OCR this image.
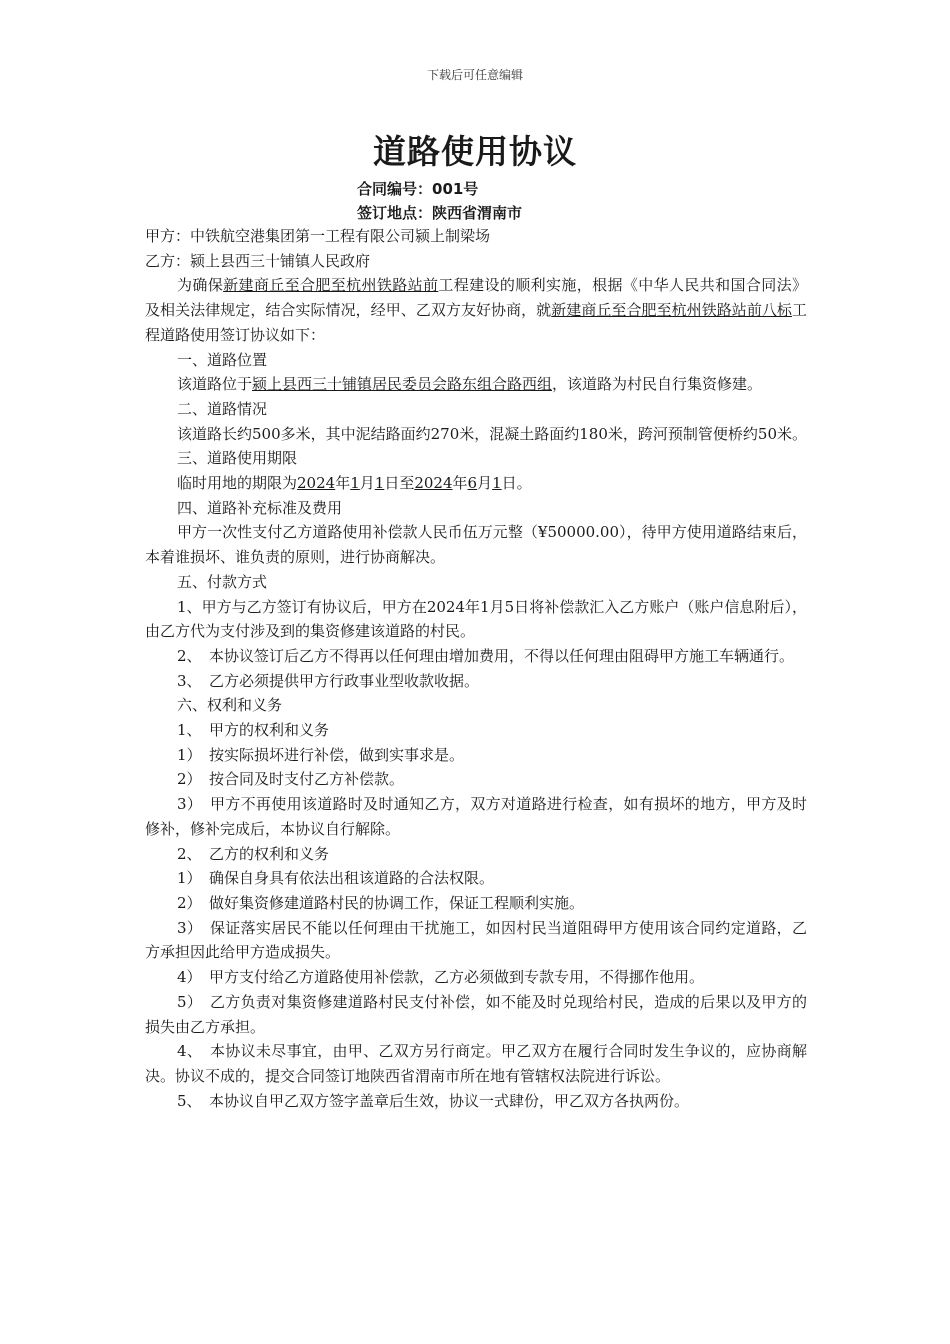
下载后可任意编辑
道路使用协议
合同编号：001号
签订地点：陕西省渭南市

甲方：中铁航空港集团第一工程有限公司颍上制梁场

乙方：颍上县西三十铺镇人民政府

为确保新建商丘至合肥至杭州铁路站前工程建设的顺利实施，根据《中华人民共和国合同法》及相关法律规定，结合实际情况，经甲、乙双方友好协商，就新建商丘至合肥至杭州铁路站前八标工程道路使用签订协议如下：

一、道路位置

该道路位于颍上县西三十铺镇居民委员会路东组合路西组，该道路为村民自行集资修建。

二、道路情况

该道路长约500多米，其中泥结路面约270米，混凝土路面约180米，跨河预制管便桥约50米。

三、道路使用期限

临时用地的期限为2024年1月1日至2024年6月1日。

四、道路补充标准及费用

甲方一次性支付乙方道路使用补偿款人民币伍万元整（¥50000.00），待甲方使用道路结束后，本着谁损坏、谁负责的原则，进行协商解决。

五、付款方式

1、甲方与乙方签订有协议后，甲方在2024年1月5日将补偿款汇入乙方账户（账户信息附后），由乙方代为支付涉及到的集资修建该道路的村民。

2、　本协议签订后乙方不得再以任何理由增加费用，不得以任何理由阻碍甲方施工车辆通行。

3、　乙方必须提供甲方行政事业型收款收据。

六、权利和义务

1、　甲方的权利和义务

1）　按实际损坏进行补偿，做到实事求是。

2）　按合同及时支付乙方补偿款。

3）　甲方不再使用该道路时及时通知乙方，双方对道路进行检查，如有损坏的地方，甲方及时修补，修补完成后，本协议自行解除。

2、　乙方的权利和义务

1）　确保自身具有依法出租该道路的合法权限。

2）　做好集资修建道路村民的协调工作，保证工程顺利实施。

3）　保证落实居民不能以任何理由干扰施工，如因村民当道阻碍甲方使用该合同约定道路，乙方承担因此给甲方造成损失。

4）　甲方支付给乙方道路使用补偿款，乙方必须做到专款专用，不得挪作他用。

5）　乙方负责对集资修建道路村民支付补偿，如不能及时兑现给村民，造成的后果以及甲方的损失由乙方承担。

4、　本协议未尽事宜，由甲、乙双方另行商定。甲乙双方在履行合同时发生争议的，应协商解决。协议不成的，提交合同签订地陕西省渭南市所在地有管辖权法院进行诉讼。

5、　本协议自甲乙双方签字盖章后生效，协议一式肆份，甲乙双方各执两份。
